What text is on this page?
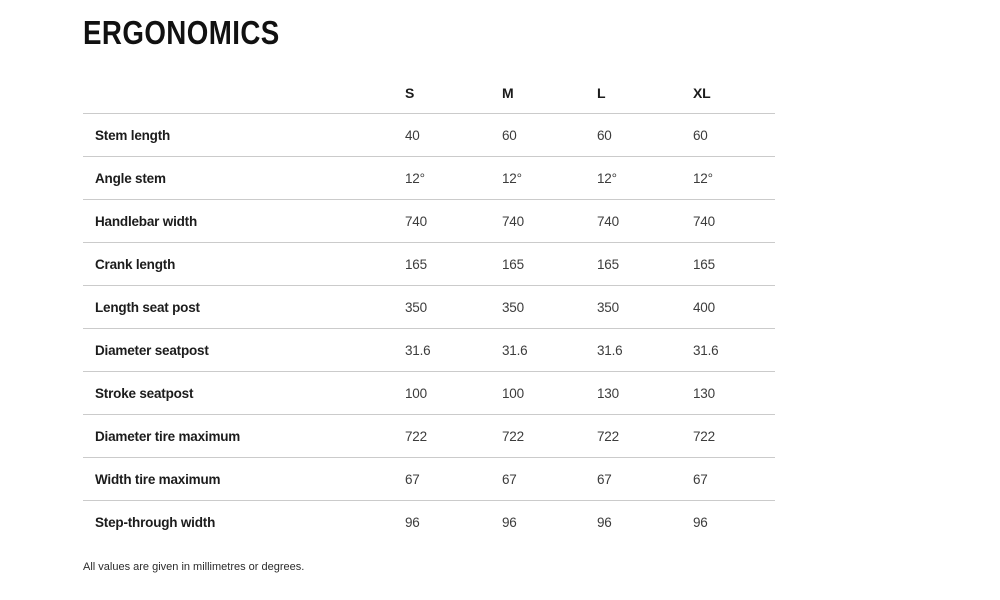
ERGONOMICS
	S	M	L	XL
Stem length	40	60	60	60
Angle stem	12°	12°	12°	12°
Handlebar width	740	740	740	740
Crank length	165	165	165	165
Length seat post	350	350	350	400
Diameter seatpost	31.6	31.6	31.6	31.6
Stroke seatpost	100	100	130	130
Diameter tire maximum	722	722	722	722
Width tire maximum	67	67	67	67
Step-through width	96	96	96	96
All values are given in millimetres or degrees.
